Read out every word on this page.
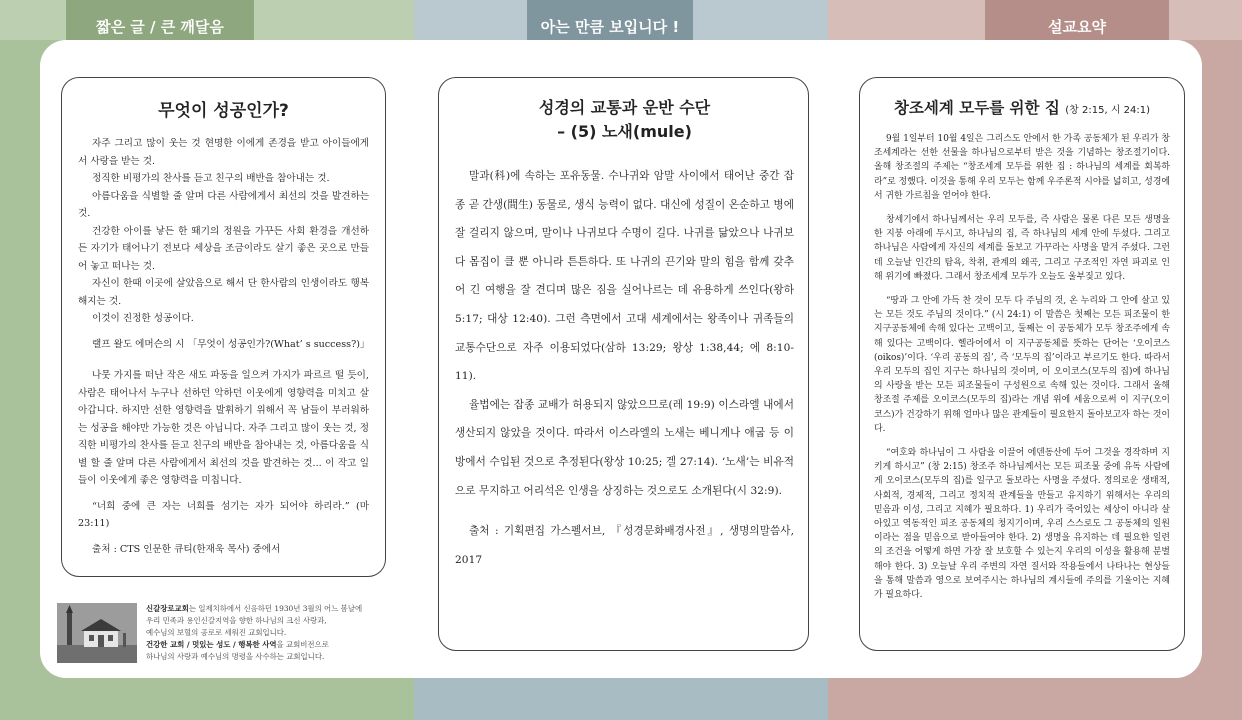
짧은 글 / 큰 깨달음	아는 만큼 보입니다 !	설교요약
무엇이 성공인가?

자주 그리고 많이 웃는 것 현명한 이에게 존경을 받고 아이들에게서 사랑을 받는 것.

정직한 비평가의 찬사를 듣고 친구의 배반을 참아내는 것.

아름다움을 식별할 줄 알며 다른 사람에게서 최선의 것을 발견하는 것.

건강한 아이를 낳든 한 뙈기의 정원을 가꾸든 사회 환경을 개선하든 자기가 태어나기 전보다 세상을 조금이라도 살기 좋은 곳으로 만들어 놓고 떠나는 것.

자신이 한때 이곳에 살았음으로 해서 단 한사람의 인생이라도 행복해지는 것.

이것이 진정한 성공이다.

랠프 왈도 에머슨의 시 「무엇이 성공인가?(What’ s success?)」

나뭇 가지를 떠난 작은 새도 파동을 일으켜 가지가 파르르 떨 듯이, 사람은 태어나서 누구나 선하던 악하던 이웃에게 영향력을 미치고 살아갑니다. 하지만 선한 영향력을 발휘하기 위해서 꼭 남들이 부러워하는 성공을 해야만 가능한 것은 아닙니다. 자주 그리고 많이 웃는 것, 정직한 비평가의 찬사를 듣고 친구의 배반을 참아내는 것, 아름다움을 식별 할 줄 알며 다른 사람에게서 최선의 것을 발견하는 것... 이 작고 일들이 이웃에게 좋은 영향력을 미칩니다.

“너희 중에 큰 자는 너희를 섬기는 자가 되어야 하리라.” (마23:11)

출처 : CTS 인문한 큐티(한재욱 목사) 중에서

성경의 교통과 운반 수단
– (5) 노새(mule)

말과(科)에 속하는 포유동물. 수나귀와 암말 사이에서 태어난 중간 잡종 곧 간생(間生) 동물로, 생식 능력이 없다. 대신에 성질이 온순하고 병에 잘 걸리지 않으며, 말이나 나귀보다 수명이 길다. 나귀를 닮았으나 나귀보다 몸집이 클 뿐 아니라 튼튼하다. 또 나귀의 끈기와 말의 힘을 함께 갖추어 긴 여행을 잘 견디며 많은 짐을 실어나르는 데 유용하게 쓰인다(왕하 5:17; 대상 12:40). 그런 측면에서 고대 세계에서는 왕족이나 귀족들의 교통수단으로 자주 이용되었다(삼하 13:29; 왕상 1:38,44; 에 8:10-11).

율법에는 잡종 교배가 허용되지 않았으므로(레 19:9) 이스라엘 내에서 생산되지 않았을 것이다. 따라서 이스라엘의 노새는 베니게나 애굽 등 이방에서 수입된 것으로 추정된다(왕상 10:25; 겔 27:14). ‘노새’는 비유적으로 무지하고 어리석은 인생을 상징하는 것으로도 소개된다(시 32:9).

출처 : 기획편집 가스펠서브, 『성경문화배경사전』, 생명의말씀사, 2017

창조세계 모두를 위한 집 (창 2:15, 시 24:1)

9월 1일부터 10월 4일은 그리스도 안에서 한 가족 공동체가 된 우리가 창조세계라는 선한 선물을 하나님으로부터 받은 것을 기념하는 창조절기이다. 올해 창조절의 주제는 “창조세계 모두를 위한 집 : 하나님의 세계를 회복하라”로 정했다. 이것을 통해 우리 모두는 함께 우주론적 시야를 넓히고, 성경에서 귀한 가르침을 얻어야 한다.

창세기에서 하나님께서는 우리 모두를, 즉 사람은 물론 다른 모든 생명을 한 지붕 아래에 두시고, 하나님의 집, 즉 하나님의 세계 안에 두셨다. 그리고 하나님은 사람에게 자신의 세계를 돌보고 가꾸라는 사명을 맡겨 주셨다. 그런데 오늘날 인간의 탐욕, 착취, 관계의 왜곡, 그리고 구조적인 자연 파괴로 인해 위기에 빠졌다. 그래서 창조세계 모두가 오늘도 울부짖고 있다.

“땅과 그 안에 가득 찬 것이 모두 다 주님의 것, 온 누리와 그 안에 살고 있는 모든 것도 주님의 것이다.” (시 24:1) 이 말씀은 첫째는 모든 피조물이 한 지구공동체에 속해 있다는 고백이고, 둘째는 이 공동체가 모두 창조주에게 속해 있다는 고백이다. 헬라어에서 이 지구공동체를 뜻하는 단어는 ‘오이코스(oikos)’이다. ‘우리 공동의 집’, 즉 ‘모두의 집’이라고 부르기도 한다. 따라서 우리 모두의 집인 지구는 하나님의 것이며, 이 오이코스(모두의 집)에 하나님의 사랑을 받는 모든 피조물들이 구성원으로 속해 있는 것이다. 그래서 올해 창조절 주제를 오이코스(모두의 집)라는 개념 위에 세움으로써 이 지구(오이코스)가 건강하기 위해 얼마나 많은 관계들이 필요한지 돌아보고자 하는 것이다.

“여호와 하나님이 그 사람을 이끌어 에덴동산에 두어 그것을 경작하며 지키게 하시고” (창 2:15) 창조주 하나님께서는 모든 피조물 중에 유독 사람에게 오이코스(모두의 집)를 일구고 돌보라는 사명을 주셨다. 정의로운 생태적, 사회적, 경제적, 그리고 정치적 관계들을 만들고 유지하기 위해서는 우리의 믿음과 이성, 그리고 지혜가 필요하다. 1) 우리가 죽어있는 세상이 아니라 살아있고 역동적인 피조 공동체의 청지기이며, 우리 스스로도 그 공동체의 일원이라는 점을 믿음으로 받아들여야 한다. 2) 생명을 유지하는 데 필요한 일련의 조건을 어떻게 하면 가장 잘 보호할 수 있는지 우리의 이성을 활용해 분별해야 한다. 3) 오늘날 우리 주변의 자연 질서와 작용들에서 나타나는 현상들을 통해 말씀과 영으로 보여주시는 하나님의 계시들에 주의를 기울이는 지혜가 필요하다.

신갈장로교회는 일제치하에서 신음하던 1930년 3월의 어느 봄날에
우리 민족과 용인신갈지역을 향한 하나님의 크신 사랑과,
예수님의 보혈의 공로로 세워진 교회입니다.
건강한 교회 / 멋있는 성도 / 행복한 사역을 교회비전으로
하나님의 사랑과 예수님의 명령을 사수하는 교회입니다.
